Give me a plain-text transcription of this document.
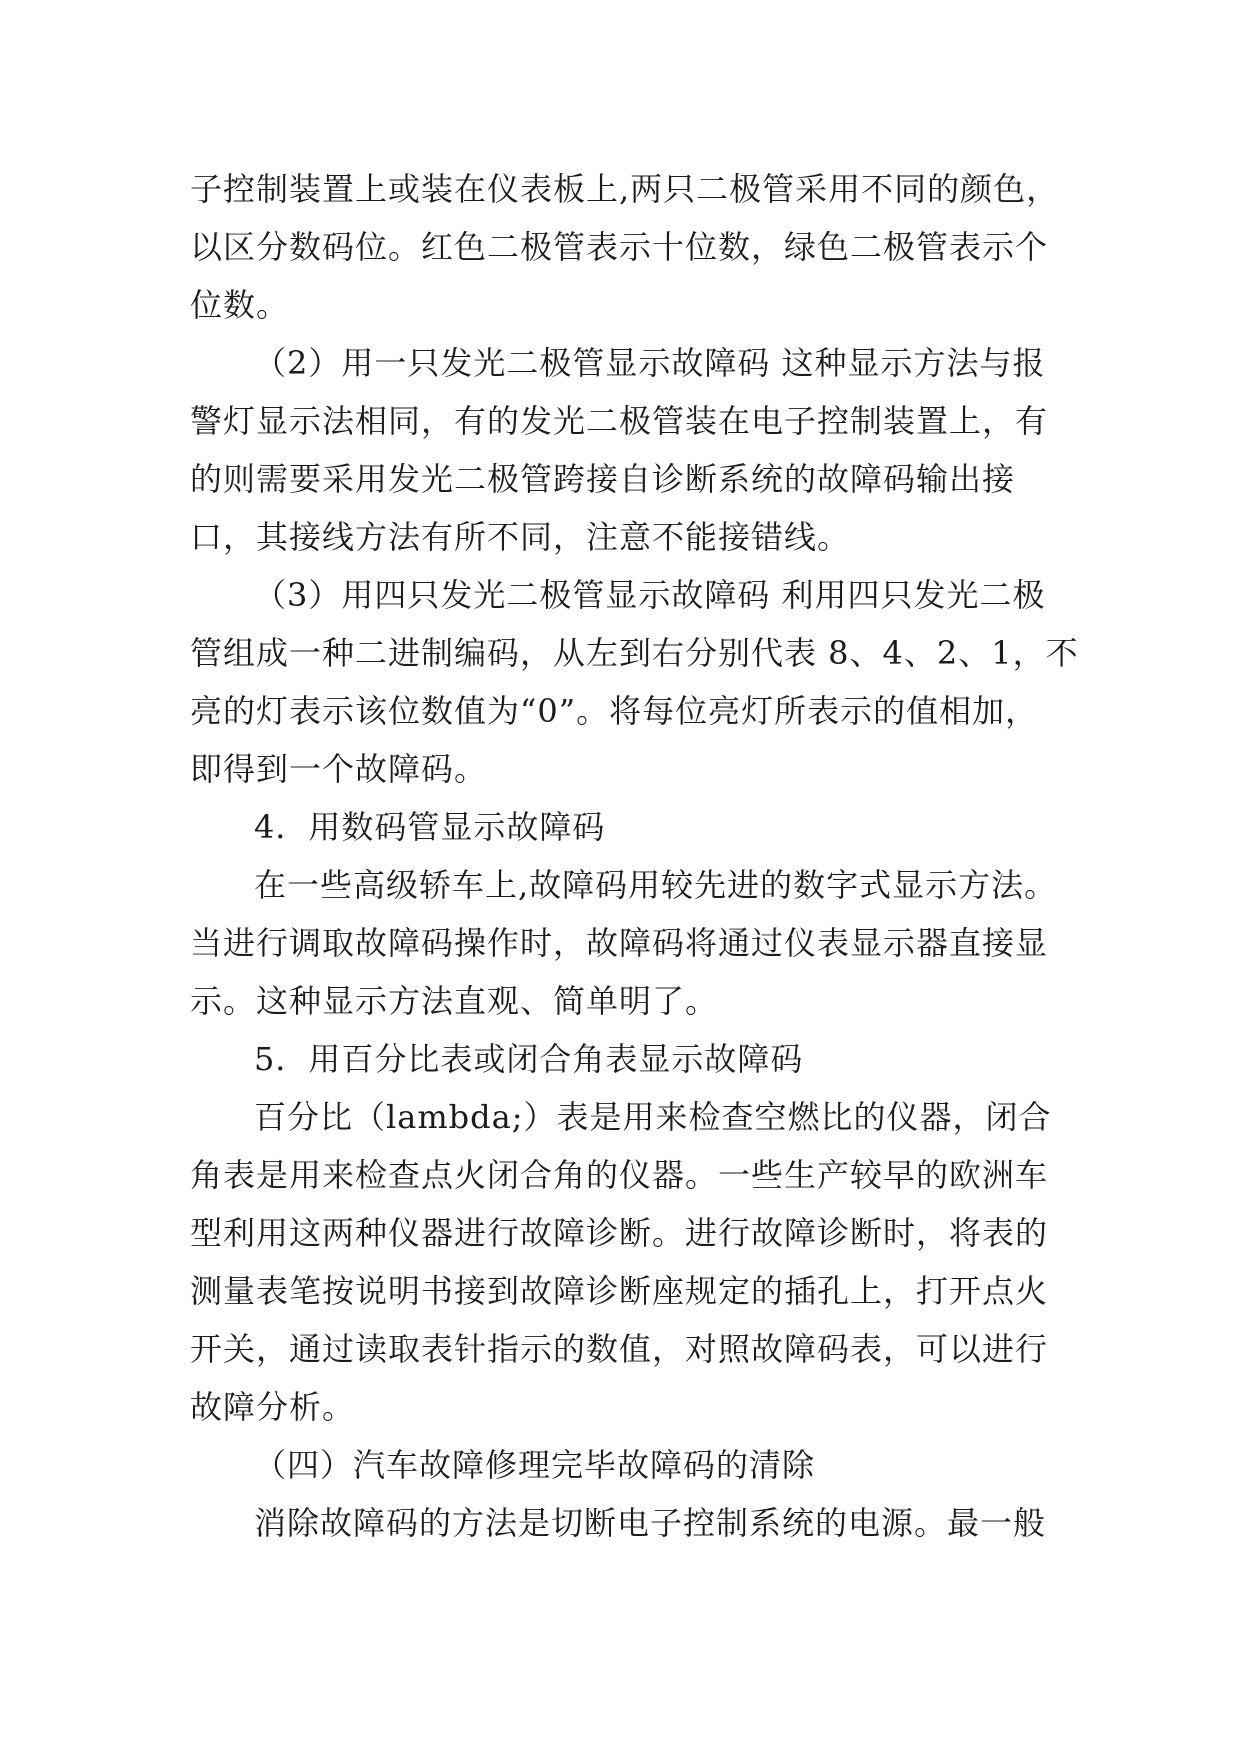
子控制装置上或装在仪表板上,两只二极管采用不同的颜色，
以区分数码位。红色二极管表示十位数，绿色二极管表示个
位数。
（2）用一只发光二极管显示故障码 这种显示方法与报
警灯显示法相同，有的发光二极管装在电子控制装置上，有
的则需要采用发光二极管跨接自诊断系统的故障码输出接
口，其接线方法有所不同，注意不能接错线。
（3）用四只发光二极管显示故障码 利用四只发光二极
管组成一种二进制编码，从左到右分别代表 8、4、2、1，不
亮的灯表示该位数值为“0”。将每位亮灯所表示的值相加，
即得到一个故障码。
4．用数码管显示故障码
在一些高级轿车上,故障码用较先进的数字式显示方法。
当进行调取故障码操作时，故障码将通过仪表显示器直接显
示。这种显示方法直观、简单明了。
5．用百分比表或闭合角表显示故障码
百分比（lambda;）表是用来检查空燃比的仪器，闭合
角表是用来检查点火闭合角的仪器。一些生产较早的欧洲车
型利用这两种仪器进行故障诊断。进行故障诊断时，将表的
测量表笔按说明书接到故障诊断座规定的插孔上，打开点火
开关，通过读取表针指示的数值，对照故障码表，可以进行
故障分析。
（四）汽车故障修理完毕故障码的清除
消除故障码的方法是切断电子控制系统的电源。最一般
